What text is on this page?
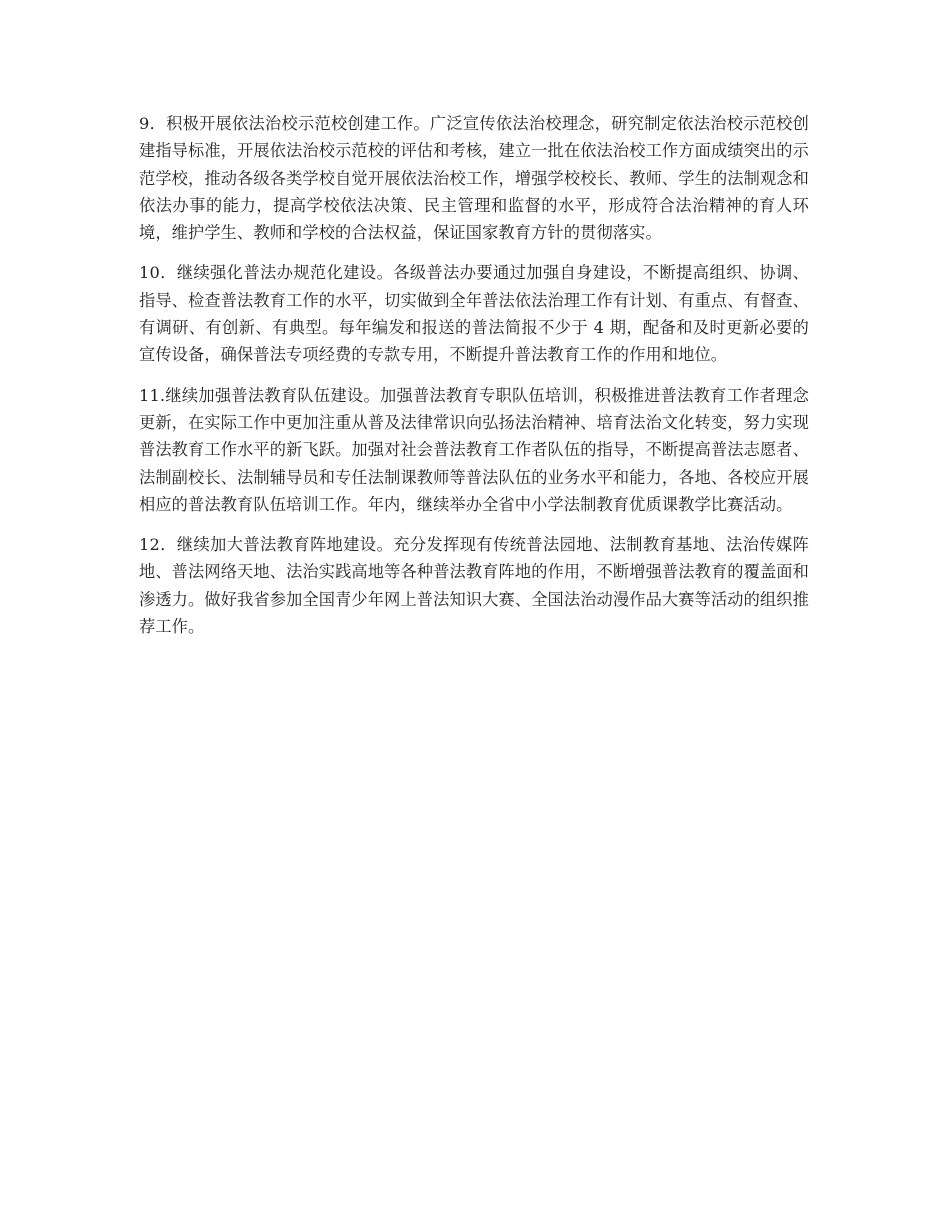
9．积极开展依法治校示范校创建工作。广泛宣传依法治校理念，研究制定依法治校示范校创建指导标准，开展依法治校示范校的评估和考核，建立一批在依法治校工作方面成绩突出的示范学校，推动各级各类学校自觉开展依法治校工作，增强学校校长、教师、学生的法制观念和依法办事的能力，提高学校依法决策、民主管理和监督的水平，形成符合法治精神的育人环境，维护学生、教师和学校的合法权益，保证国家教育方针的贯彻落实。

10．继续强化普法办规范化建设。各级普法办要通过加强自身建设，不断提高组织、协调、指导、检查普法教育工作的水平，切实做到全年普法依法治理工作有计划、有重点、有督查、有调研、有创新、有典型。每年编发和报送的普法简报不少于 4 期，配备和及时更新必要的宣传设备，确保普法专项经费的专款专用，不断提升普法教育工作的作用和地位。

11.继续加强普法教育队伍建设。加强普法教育专职队伍培训，积极推进普法教育工作者理念更新，在实际工作中更加注重从普及法律常识向弘扬法治精神、培育法治文化转变，努力实现普法教育工作水平的新飞跃。加强对社会普法教育工作者队伍的指导，不断提高普法志愿者、法制副校长、法制辅导员和专任法制课教师等普法队伍的业务水平和能力，各地、各校应开展相应的普法教育队伍培训工作。年内，继续举办全省中小学法制教育优质课教学比赛活动。

12．继续加大普法教育阵地建设。充分发挥现有传统普法园地、法制教育基地、法治传媒阵地、普法网络天地、法治实践高地等各种普法教育阵地的作用，不断增强普法教育的覆盖面和渗透力。做好我省参加全国青少年网上普法知识大赛、全国法治动漫作品大赛等活动的组织推荐工作。
